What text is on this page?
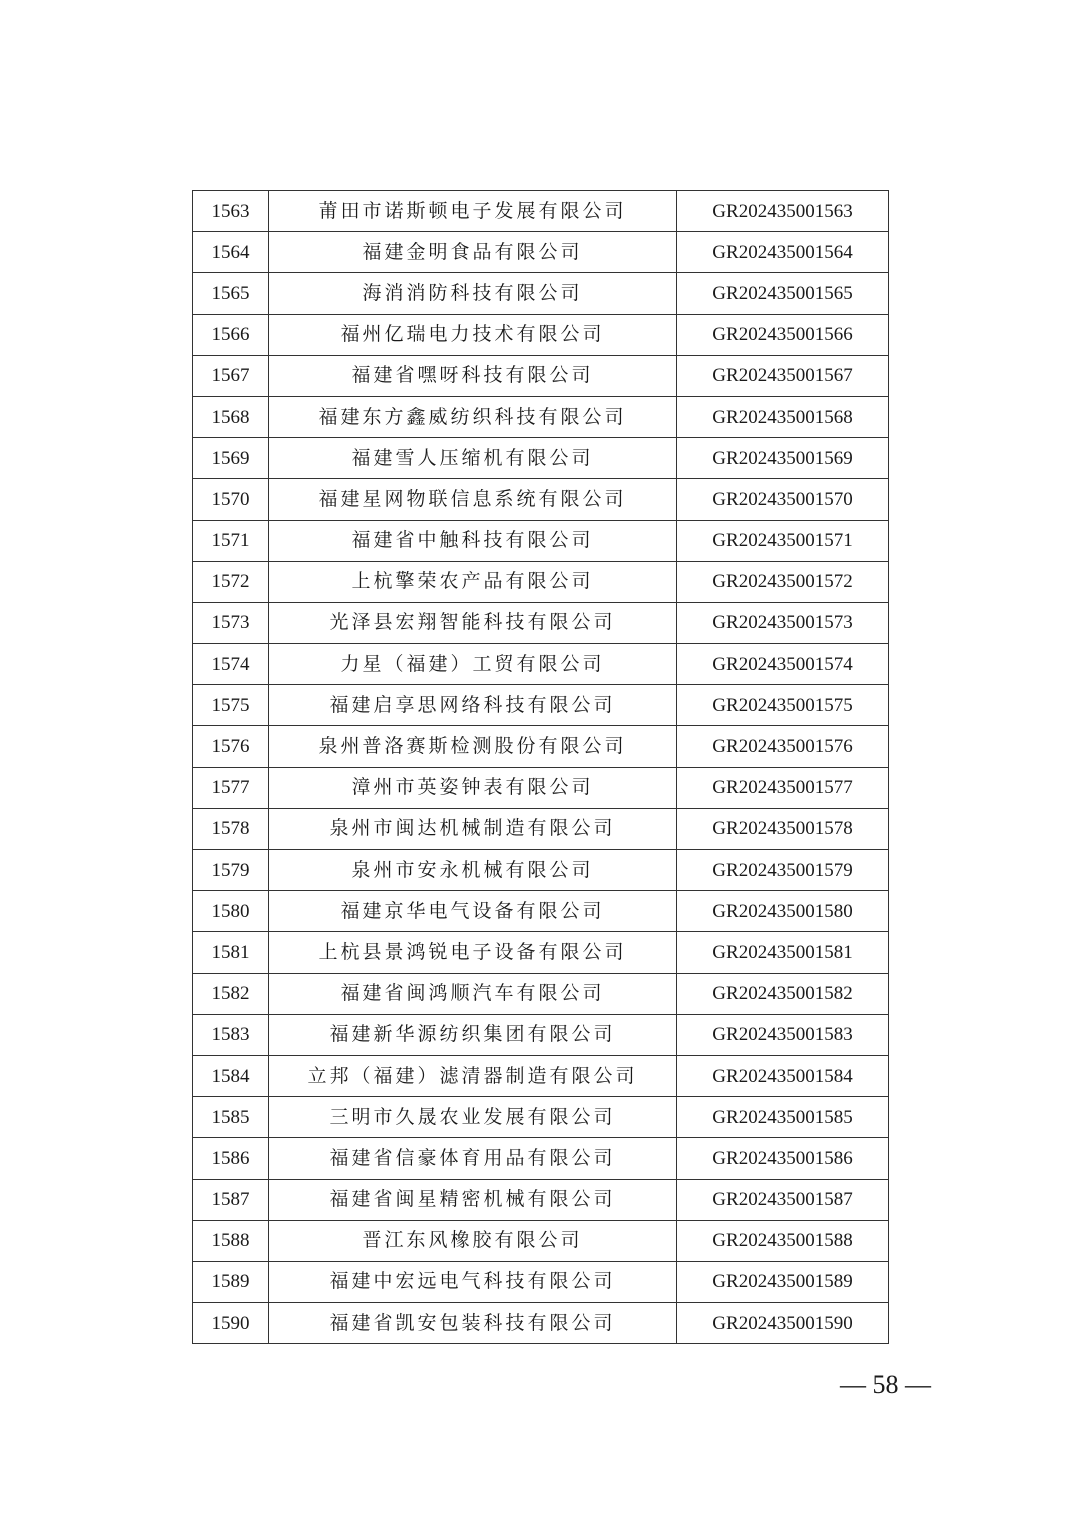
1563	莆田市诺斯顿电子发展有限公司	GR202435001563
1564	福建金明食品有限公司	GR202435001564
1565	海消消防科技有限公司	GR202435001565
1566	福州亿瑞电力技术有限公司	GR202435001566
1567	福建省嘿呀科技有限公司	GR202435001567
1568	福建东方鑫威纺织科技有限公司	GR202435001568
1569	福建雪人压缩机有限公司	GR202435001569
1570	福建星网物联信息系统有限公司	GR202435001570
1571	福建省中触科技有限公司	GR202435001571
1572	上杭擎荣农产品有限公司	GR202435001572
1573	光泽县宏翔智能科技有限公司	GR202435001573
1574	力星（福建）工贸有限公司	GR202435001574
1575	福建启享思网络科技有限公司	GR202435001575
1576	泉州普洛赛斯检测股份有限公司	GR202435001576
1577	漳州市英姿钟表有限公司	GR202435001577
1578	泉州市闽达机械制造有限公司	GR202435001578
1579	泉州市安永机械有限公司	GR202435001579
1580	福建京华电气设备有限公司	GR202435001580
1581	上杭县景鸿锐电子设备有限公司	GR202435001581
1582	福建省闽鸿顺汽车有限公司	GR202435001582
1583	福建新华源纺织集团有限公司	GR202435001583
1584	立邦（福建）滤清器制造有限公司	GR202435001584
1585	三明市久晟农业发展有限公司	GR202435001585
1586	福建省信豪体育用品有限公司	GR202435001586
1587	福建省闽星精密机械有限公司	GR202435001587
1588	晋江东风橡胶有限公司	GR202435001588
1589	福建中宏远电气科技有限公司	GR202435001589
1590	福建省凯安包装科技有限公司	GR202435001590
— 58 —
